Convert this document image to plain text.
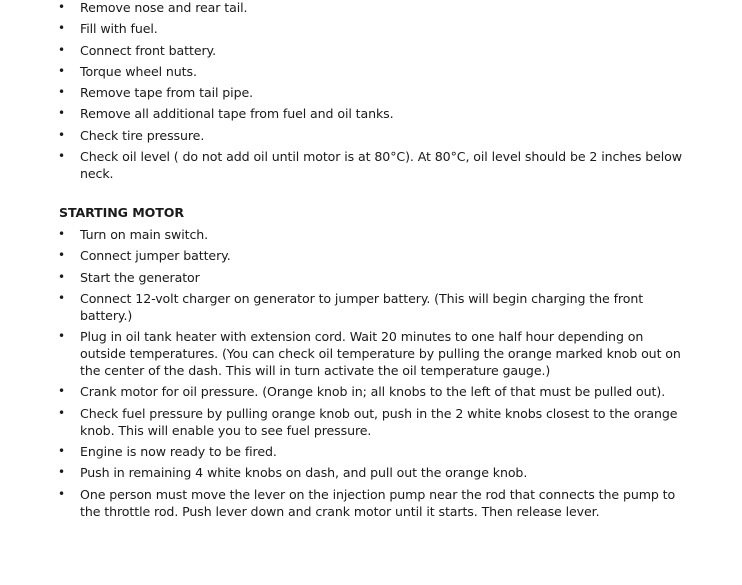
• Remove nose and rear tail.
• Fill with fuel.
• Connect front battery.
• Torque wheel nuts.
• Remove tape from tail pipe.
• Remove all additional tape from fuel and oil tanks.
• Check tire pressure.
• Check oil level ( do not add oil until motor is at 80°C). At 80°C, oil level should be 2 inches below neck.
STARTING MOTOR
• Turn on main switch.
• Connect jumper battery.
• Start the generator
• Connect 12-volt charger on generator to jumper battery. (This will begin charging the front battery.)
• Plug in oil tank heater with extension cord. Wait 20 minutes to one half hour depending on outside temperatures. (You can check oil temperature by pulling the orange marked knob out on the center of the dash. This will in turn activate the oil temperature gauge.)
• Crank motor for oil pressure. (Orange knob in; all knobs to the left of that must be pulled out).
• Check fuel pressure by pulling orange knob out, push in the 2 white knobs closest to the orange knob. This will enable you to see fuel pressure.
• Engine is now ready to be fired.
• Push in remaining 4 white knobs on dash, and pull out the orange knob.
• One person must move the lever on the injection pump near the rod that connects the pump to the throttle rod. Push lever down and crank motor until it starts. Then release lever.
